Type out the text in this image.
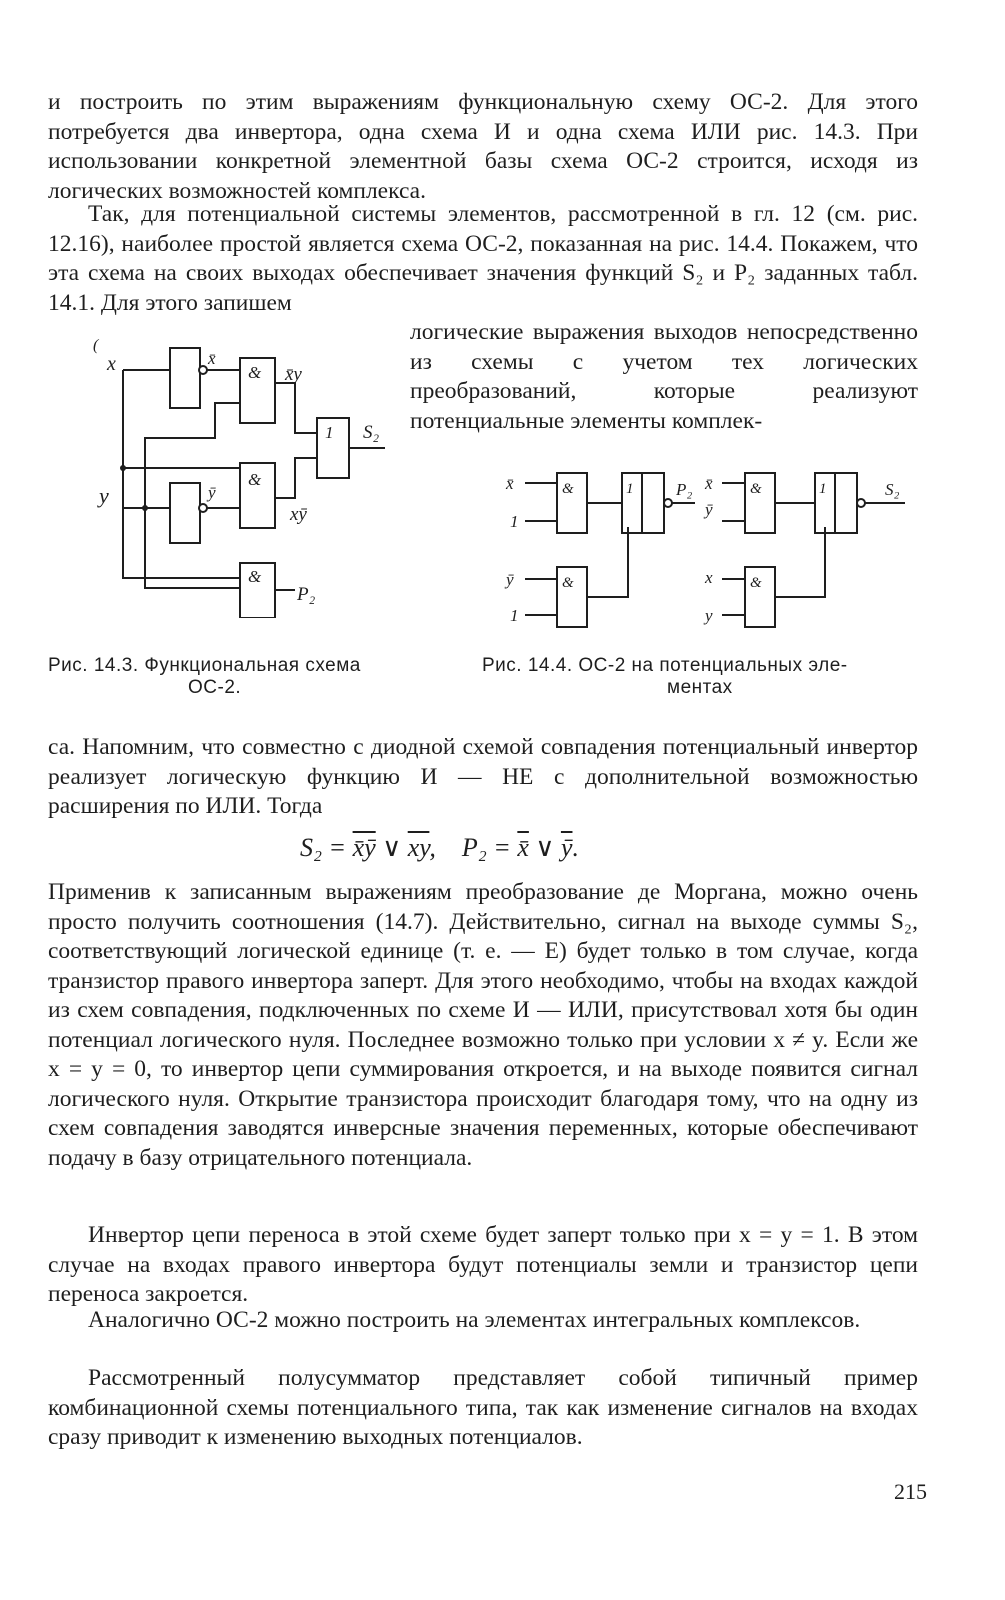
и построить по этим выражениям функциональную схему ОС-2. Для этого потребуется два инвертора, одна схема И и одна схема ИЛИ рис. 14.3. При использовании конкретной элементной базы схема ОС-2 строится, исходя из логических возможностей комплекса.

Так, для потенциальной системы элементов, рассмотренной в гл. 12 (см. рис. 12.16), наиболее простой является схема ОС-2, показанная на рис. 14.4. Покажем, что эта схема на своих выходах обеспечивает значения функций S₂ и P₂ заданных табл. 14.1. Для этого запишем

логические выражения выходов непосредственно из схемы с учетом тех логических преобразований, которые реализуют потенциальные элементы комплек-

(
x
y
x̄
& x̄y
ȳ
&
xȳ
1 S₂
&
P₂
x̄
1
ȳ
1
&
&
1	P₂ x̄
ȳ
x
y
&
&
1	S₂
Рис. 14.3. Функциональная схема
ОС-2.
Рис. 14.4. ОС-2 на потенциальных эле-
ментах

са. Напомним, что совместно с диодной схемой совпадения потенциальный инвертор реализует логическую функцию И — НЕ с дополнительной возможностью расширения по ИЛИ. Тогда

S₂ = x̄ȳ ∨ $\overline{xy}$,    P₂ = x̄ ∨ $\overline{ȳ}$.

Применив к записанным выражениям преобразование де Моргана, можно очень просто получить соотношения (14.7). Действительно, сигнал на выходе суммы S₂, соответствующий логической единице (т. е. — E) будет только в том случае, когда транзистор правого инвертора заперт. Для этого необходимо, чтобы на входах каждой из схем совпадения, подключенных по схеме И — ИЛИ, присутствовал хотя бы один потенциал логического нуля. Последнее возможно только при условии x ≠ y. Если же x = y = 0, то инвертор цепи суммирования откроется, и на выходе появится сигнал логического нуля. Открытие транзистора происходит благодаря тому, что на одну из схем совпадения заводятся инверсные значения переменных, которые обеспечивают подачу в базу отрицательного потенциала.

Инвертор цепи переноса в этой схеме будет заперт только при x = y = 1. В этом случае на входах правого инвертора будут потенциалы земли и транзистор цепи переноса закроется.

Аналогично ОС-2 можно построить на элементах интегральных комплексов.

Рассмотренный полусумматор представляет собой типичный пример комбинационной схемы потенциального типа, так как изменение сигналов на входах сразу приводит к изменению выходных потенциалов.

215
